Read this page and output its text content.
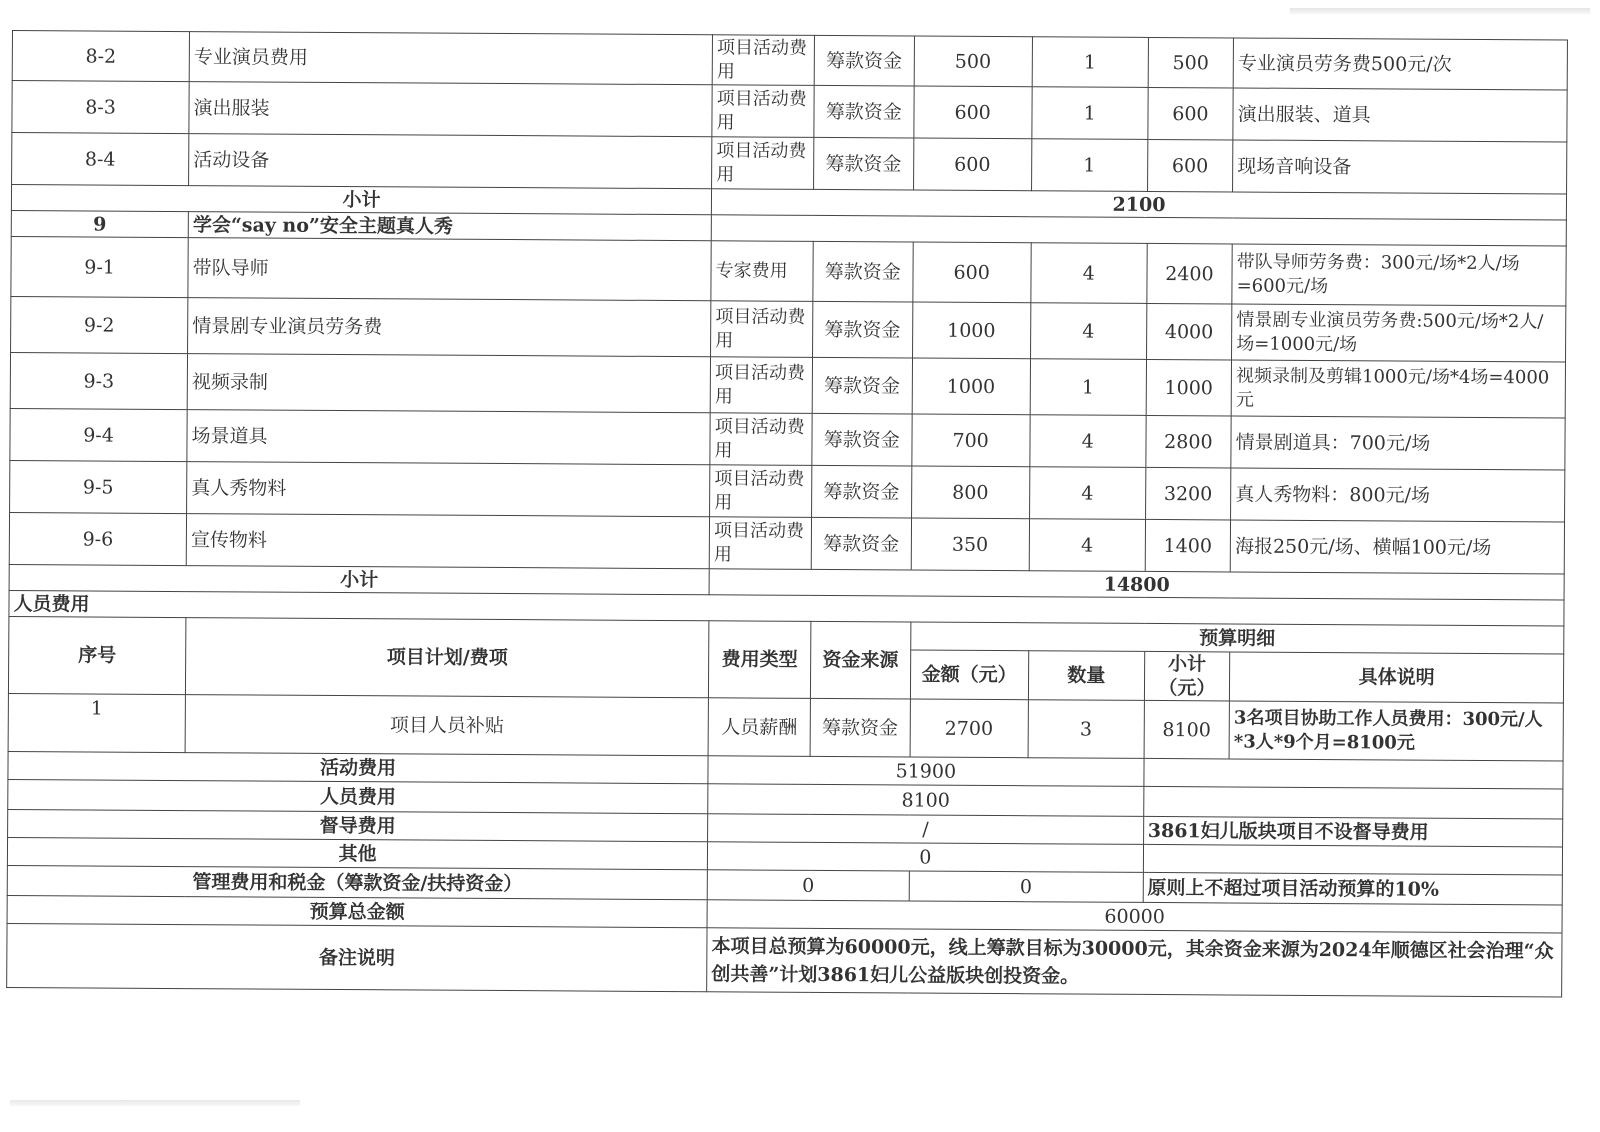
8-2	专业演员费用	项目活动费用	筹款资金	500	1	500	专业演员劳务费500元/次
8-3	演出服装	项目活动费用	筹款资金	600	1	600	演出服装、道具
8-4	活动设备	项目活动费用	筹款资金	600	1	600	现场音响设备
小计		2100					
9	学会“say no”安全主题真人秀						
9-1	带队导师	专家费用	筹款资金	600	4	2400	带队导师劳务费：300元/场*2人/场=600元/场
9-2	情景剧专业演员劳务费	项目活动费用	筹款资金	1000	4	4000	情景剧专业演员劳务费:500元/场*2人/场=1000元/场
9-3	视频录制	项目活动费用	筹款资金	1000	1	1000	视频录制及剪辑1000元/场*4场=4000元
9-4	场景道具	项目活动费用	筹款资金	700	4	2800	情景剧道具：700元/场
9-5	真人秀物料	项目活动费用	筹款资金	800	4	3200	真人秀物料：800元/场
9-6	宣传物料	项目活动费用	筹款资金	350	4	1400	海报250元/场、横幅100元/场
小计		14800					
人员费用							
序号	项目计划/费项	费用类型	资金来源	预算明细			
				金额（元）	数量	小计（元）	具体说明
1	项目人员补贴	人员薪酬	筹款资金	2700	3	8100	3名项目协助工作人员费用：300元/人*3人*9个月=8100元
活动费用		51900					
人员费用		8100					
督导费用		/				3861妇儿版块项目不设督导费用	
其他		0					
管理费用和税金（筹款资金/扶持资金）		0		0		原则上不超过项目活动预算的10%	
预算总金额		60000					
备注说明		本项目总预算为60000元，线上筹款目标为30000元，其余资金来源为2024年顺德区社会治理“众创共善”计划3861妇儿公益版块创投资金。					
